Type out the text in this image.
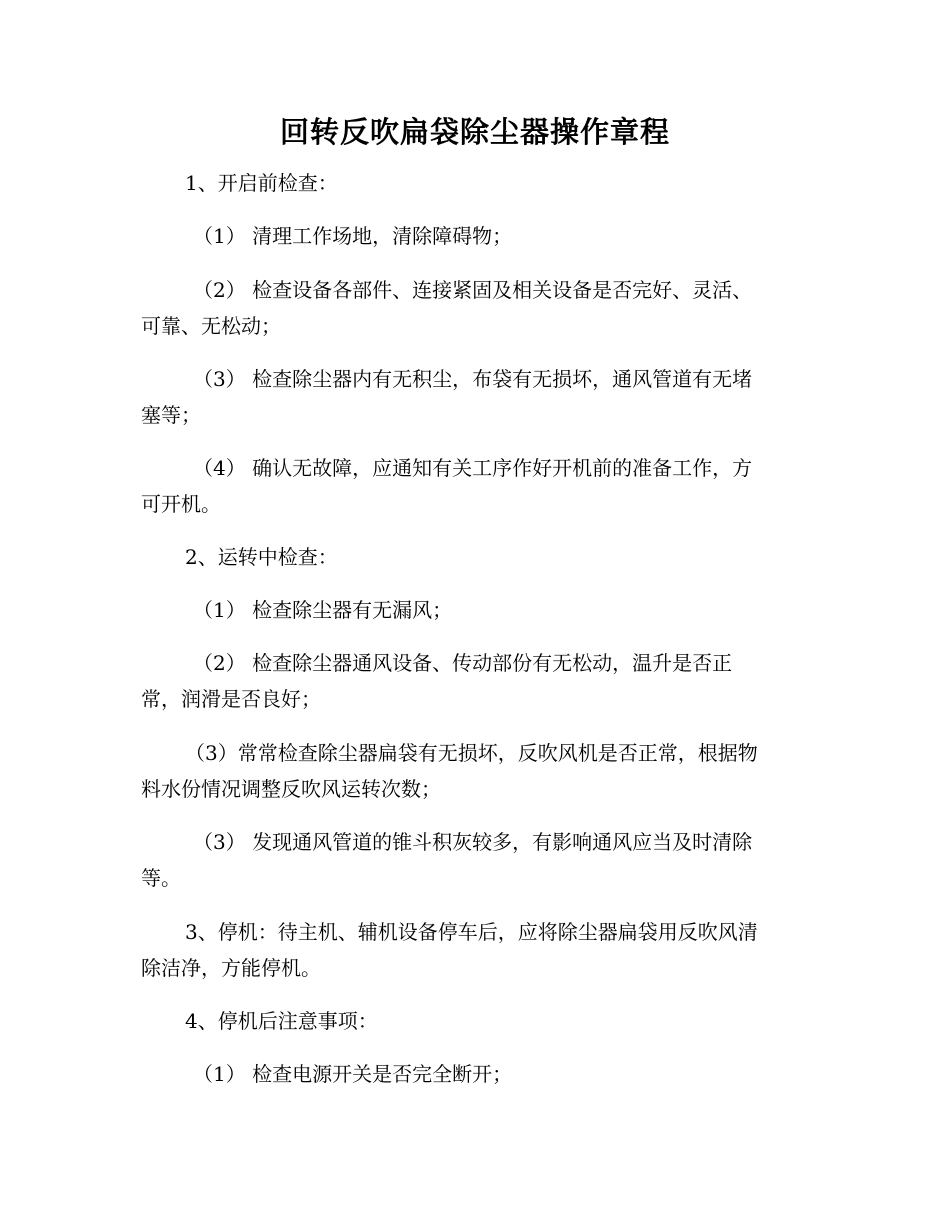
回转反吹扁袋除尘器操作章程
1、开启前检查：
（1） 清理工作场地，清除障碍物；
（2） 检查设备各部件、连接紧固及相关设备是否完好、灵活、
可靠、无松动；
（3） 检查除尘器内有无积尘，布袋有无损坏，通风管道有无堵
塞等；
（4） 确认无故障，应通知有关工序作好开机前的准备工作，方
可开机。
2、运转中检查：
（1） 检查除尘器有无漏风；
（2） 检查除尘器通风设备、传动部份有无松动，温升是否正
常，润滑是否良好；
（3）常常检查除尘器扁袋有无损坏，反吹风机是否正常，根据物
料水份情况调整反吹风运转次数；
（3） 发现通风管道的锥斗积灰较多，有影响通风应当及时清除
等。
3、停机：待主机、辅机设备停车后，应将除尘器扁袋用反吹风清
除洁净，方能停机。
4、停机后注意事项：
（1） 检查电源开关是否完全断开；
